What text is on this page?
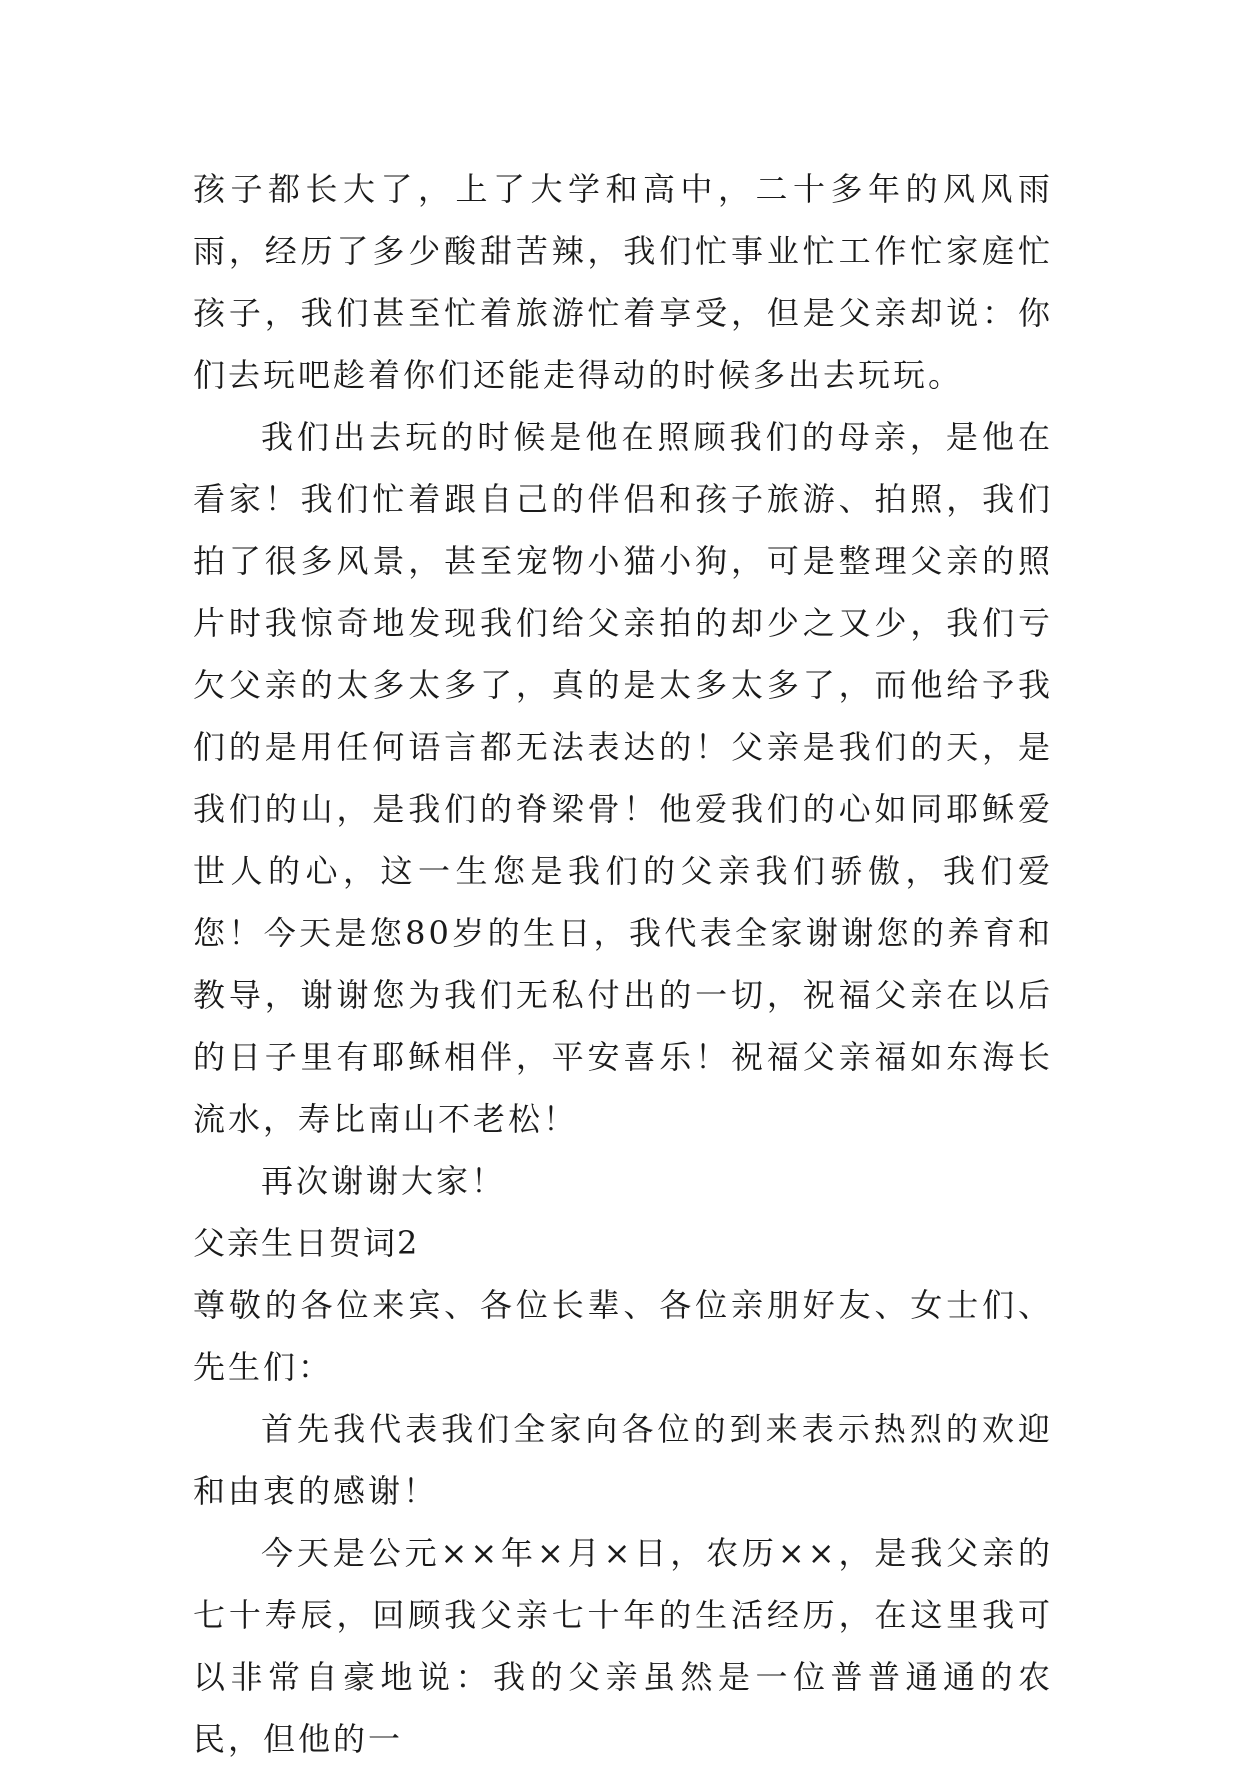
孩子都长大了，上了大学和高中，二十多年的风风雨雨，经历了多少酸甜苦辣，我们忙事业忙工作忙家庭忙孩子，我们甚至忙着旅游忙着享受，但是父亲却说：你们去玩吧趁着你们还能走得动的时候多出去玩玩。

我们出去玩的时候是他在照顾我们的母亲，是他在看家！我们忙着跟自己的伴侣和孩子旅游、拍照，我们拍了很多风景，甚至宠物小猫小狗，可是整理父亲的照片时我惊奇地发现我们给父亲拍的却少之又少，我们亏欠父亲的太多太多了，真的是太多太多了，而他给予我们的是用任何语言都无法表达的！父亲是我们的天，是我们的山，是我们的脊梁骨！他爱我们的心如同耶稣爱世人的心，这一生您是我们的父亲我们骄傲，我们爱您！今天是您80岁的生日，我代表全家谢谢您的养育和教导，谢谢您为我们无私付出的一切，祝福父亲在以后的日子里有耶稣相伴，平安喜乐！祝福父亲福如东海长流水，寿比南山不老松！

再次谢谢大家！

父亲生日贺词2

尊敬的各位来宾、各位长辈、各位亲朋好友、女士们、先生们：

首先我代表我们全家向各位的到来表示热烈的欢迎和由衷的感谢！

今天是公元××年×月×日，农历××，是我父亲的七十寿辰，回顾我父亲七十年的生活经历，在这里我可以非常自豪地说：我的父亲虽然是一位普普通通的农民，但他的一
